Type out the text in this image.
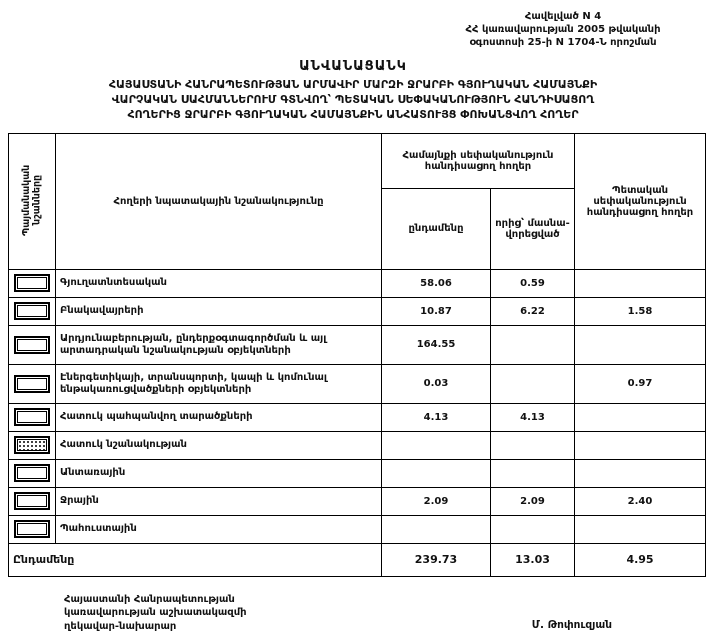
Հավելված N 4
ՀՀ կառավարության 2005 թվականի
օգոստոսի 25-ի N 1704-Ն որոշման
ԱՆՎԱՆԱՑԱՆԿ
ՀԱՅԱՍՏԱՆԻ ՀԱՆՐԱՊԵՏՈՒԹՅԱՆ ԱՐՄԱՎԻՐ ՄԱՐԶԻ ՋՐԱՐԲԻ ԳՅՈՒՂԱԿԱՆ ՀԱՄԱՅՆՔԻ
ՎԱՐՉԱԿԱՆ ՍԱՀՄԱՆՆԵՐՈՒՄ ԳՏՆՎՈՂ՝ ՊԵՏԱԿԱՆ ՍԵՓԱԿԱՆՈՒԹՅՈՒՆ ՀԱՆԴԻՍԱՑՈՂ
ՀՈՂԵՐԻՑ ՋՐԱՐԲԻ ԳՅՈՒՂԱԿԱՆ ՀԱՄԱՅՆՔԻՆ ԱՆՀԱՏՈՒՅՑ ՓՈԽԱՆՑՎՈՂ ՀՈՂԵՐ
Պայմանական նշանները	Հողերի նպատակային նշանակությունը	Համայնքի սեփականություն հանդիսացող հողեր		Պետական սեփականություն հանդիսացող հողեր
		ընդամենը	որից՝ մասնա-վորեցված	

	Գյուղատնտեսական	58.06	0.59	

	Բնակավայրերի	10.87	6.22	1.58

	Արդյունաբերության, ընդերքօգտագործման և այլ արտադրական նշանակության օբյեկտների	164.55		

	Էներգետիկայի, տրանսպորտի, կապի և կոմունալ ենթակառուցվածքների օբյեկտների	0.03		0.97

	Հատուկ պահպանվող տարածքների	4.13	4.13	

	Հատուկ նշանակության			

	Անտառային			

	Ջրային	2.09	2.09	2.40

	Պահուստային			
Ընդամենը		239.73	13.03	4.95
Հայաստանի Հանրապետության
կառավարության աշխատակազմի
ղեկավար-նախարար	Մ. Թոփուզյան
